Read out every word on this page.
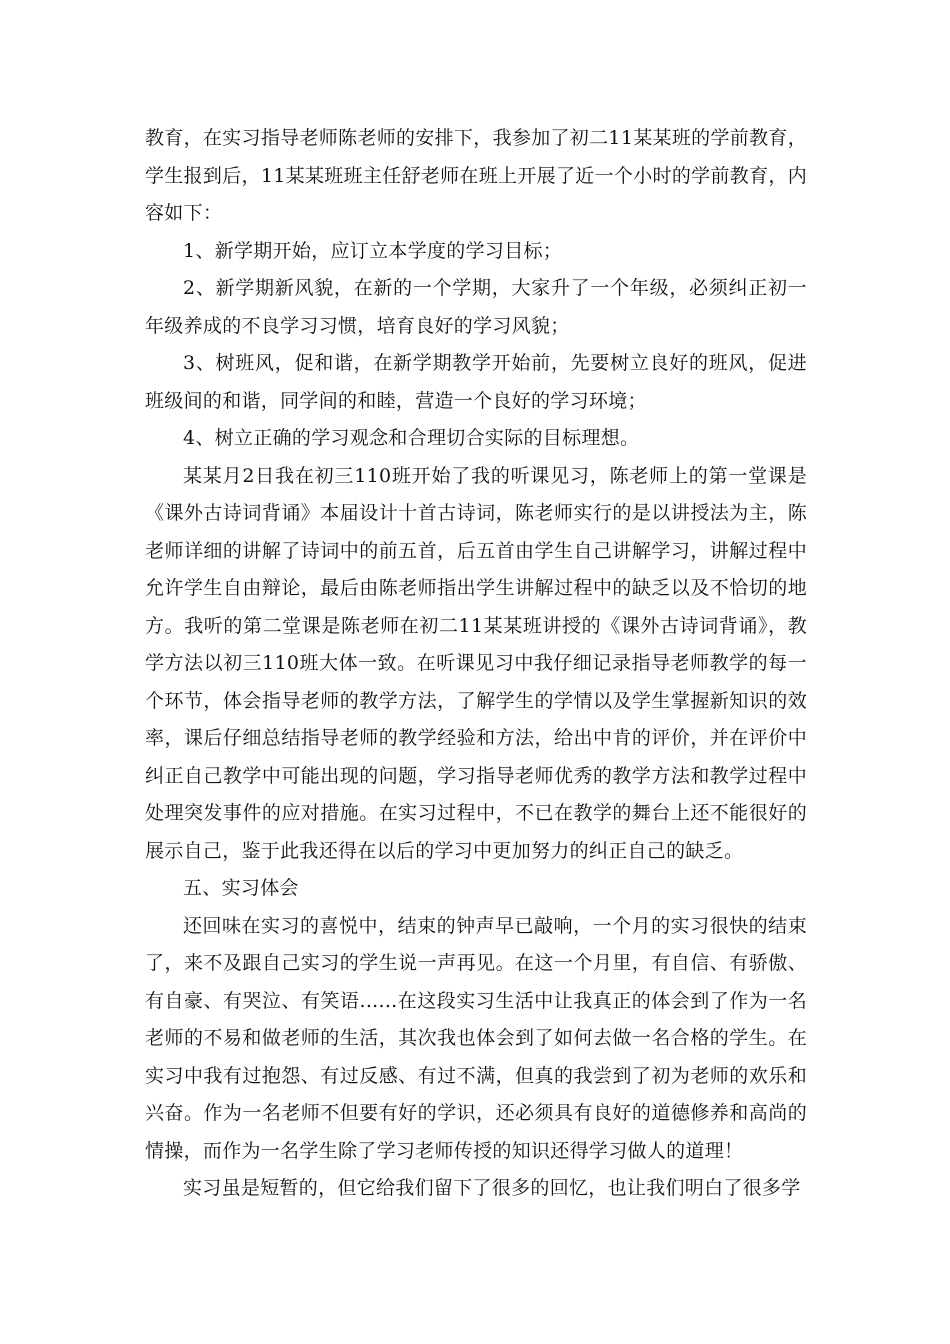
教育，在实习指导老师陈老师的安排下，我参加了初二11某某班的学前教育，学生报到后，11某某班班主任舒老师在班上开展了近一个小时的学前教育，内容如下：

1、新学期开始，应订立本学度的学习目标；

2、新学期新风貌，在新的一个学期，大家升了一个年级，必须纠正初一年级养成的不良学习习惯，培育良好的学习风貌；

3、树班风，促和谐，在新学期教学开始前，先要树立良好的班风，促进班级间的和谐，同学间的和睦，营造一个良好的学习环境；

4、树立正确的学习观念和合理切合实际的目标理想。

某某月2日我在初三110班开始了我的听课见习，陈老师上的第一堂课是《课外古诗词背诵》本届设计十首古诗词，陈老师实行的是以讲授法为主，陈老师详细的讲解了诗词中的前五首，后五首由学生自己讲解学习，讲解过程中允许学生自由辩论，最后由陈老师指出学生讲解过程中的缺乏以及不恰切的地方。我听的第二堂课是陈老师在初二11某某班讲授的《课外古诗词背诵》，教学方法以初三110班大体一致。在听课见习中我仔细记录指导老师教学的每一个环节，体会指导老师的教学方法，了解学生的学情以及学生掌握新知识的效率，课后仔细总结指导老师的教学经验和方法，给出中肯的评价，并在评价中纠正自己教学中可能出现的问题，学习指导老师优秀的教学方法和教学过程中处理突发事件的应对措施。在实习过程中，不已在教学的舞台上还不能很好的展示自己，鉴于此我还得在以后的学习中更加努力的纠正自己的缺乏。

五、实习体会

还回味在实习的喜悦中，结束的钟声早已敲响，一个月的实习很快的结束了，来不及跟自己实习的学生说一声再见。在这一个月里，有自信、有骄傲、有自豪、有哭泣、有笑语......在这段实习生活中让我真正的体会到了作为一名老师的不易和做老师的生活，其次我也体会到了如何去做一名合格的学生。在实习中我有过抱怨、有过反感、有过不满，但真的我尝到了初为老师的欢乐和兴奋。作为一名老师不但要有好的学识，还必须具有良好的道德修养和高尚的情操，而作为一名学生除了学习老师传授的知识还得学习做人的道理！

实习虽是短暂的，但它给我们留下了很多的回忆，也让我们明白了很多学
